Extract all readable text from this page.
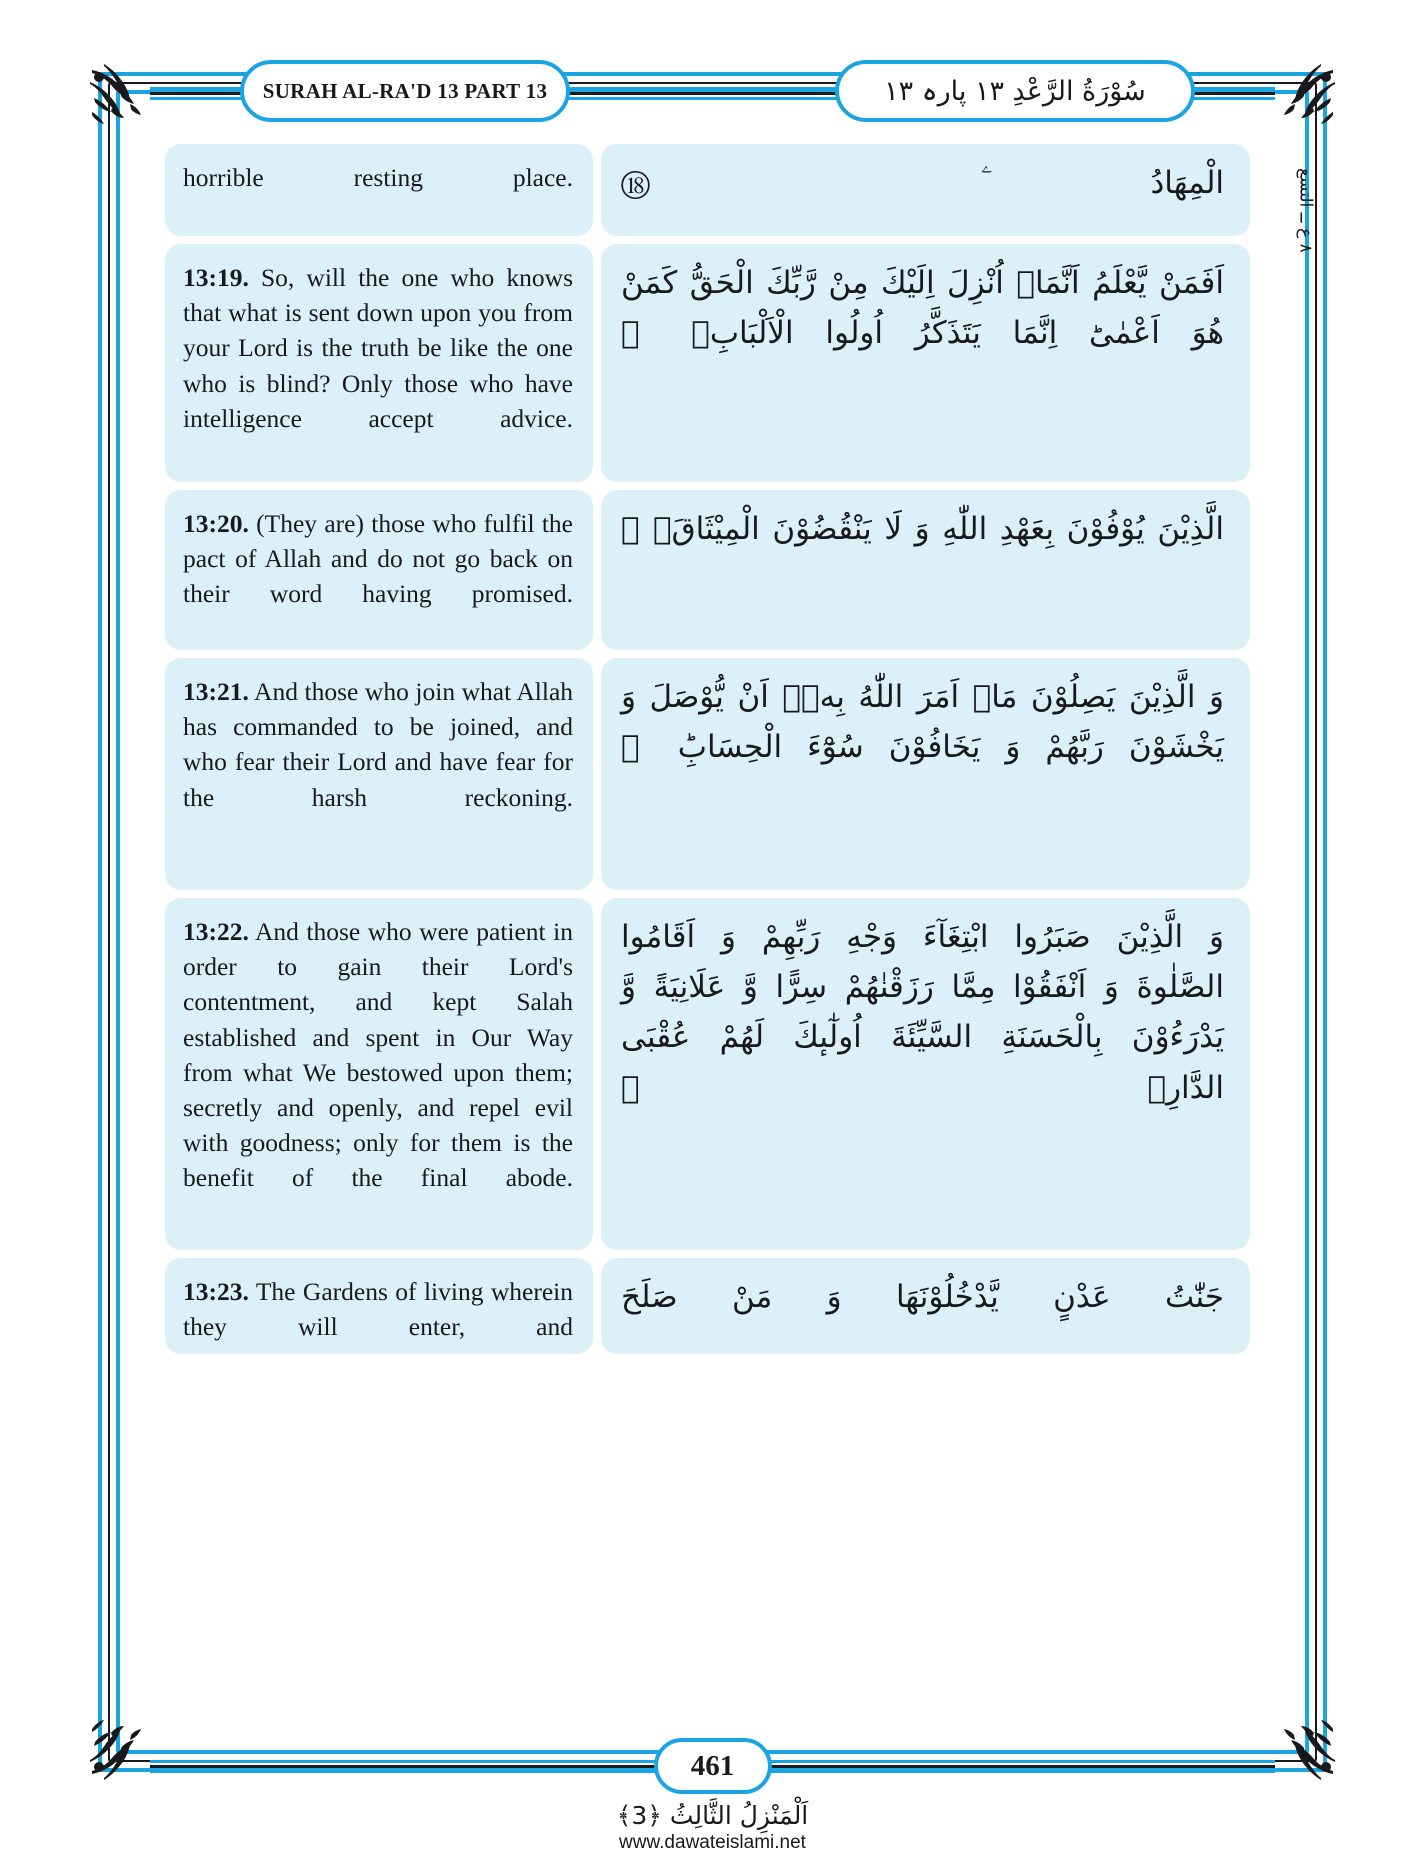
SURAH AL-RA'D 13 PART 13	سُوْرَةُ الرَّعْدِ ١٣ پارہ ١٣
٨ ع ــ التسع
horrible resting place.	الْمِهَادُ ۧ ⑱
13:19. So, will the one who knows that what is sent down upon you from your Lord is the truth be like the one who is blind? Only those who have intelligence accept advice.
اَفَمَنْ يَّعْلَمُ اَنَّمَاۤ اُنْزِلَ اِلَیْكَ مِنْ رَّبِّكَ الْحَقُّ كَمَنْ هُوَ اَعْمٰىؕ اِنَّمَا یَتَذَكَّرُ اُولُوا الْاَلْبَابِۙ ⑲
13:20. (They are) those who fulfil the pact of Allah and do not go back on their word having promised.
الَّذِیْنَ یُوْفُوْنَ بِعَهْدِ اللّٰهِ وَ لَا یَنْقُضُوْنَ الْمِیْثَاقَۙ ⑳
13:21. And those who join what Allah has commanded to be joined, and who fear their Lord and have fear for the harsh reckoning.
وَ الَّذِیْنَ یَصِلُوْنَ مَاۤ اَمَرَ اللّٰهُ بِهٖۤ اَنْ یُّوْصَلَ وَ یَخْشَوْنَ رَبَّهُمْ وَ یَخَافُوْنَ سُوْٓءَ الْحِسَابِؕ ㉑
13:22. And those who were patient in order to gain their Lord's contentment, and kept Salah established and spent in Our Way from what We bestowed upon them; secretly and openly, and repel evil with goodness; only for them is the benefit of the final abode.
وَ الَّذِیْنَ صَبَرُوا ابْتِغَآءَ وَجْهِ رَبِّهِمْ وَ اَقَامُوا الصَّلٰوةَ وَ اَنْفَقُوْا مِمَّا رَزَقْنٰهُمْ سِرًّا وَّ عَلَانِیَةً وَّ یَدْرَءُوْنَ بِالْحَسَنَةِ السَّیِّئَةَ اُولٰٓىٕكَ لَهُمْ عُقْبَى الدَّارِۙ ㉒
13:23. The Gardens of living wherein they will enter, and
جَنّٰتُ عَدْنٍ یَّدْخُلُوْنَهَا وَ مَنْ صَلَحَ
461
اَلْمَنْزِلُ الثَّالِثُ ﴿3﴾
www.dawateislami.net
